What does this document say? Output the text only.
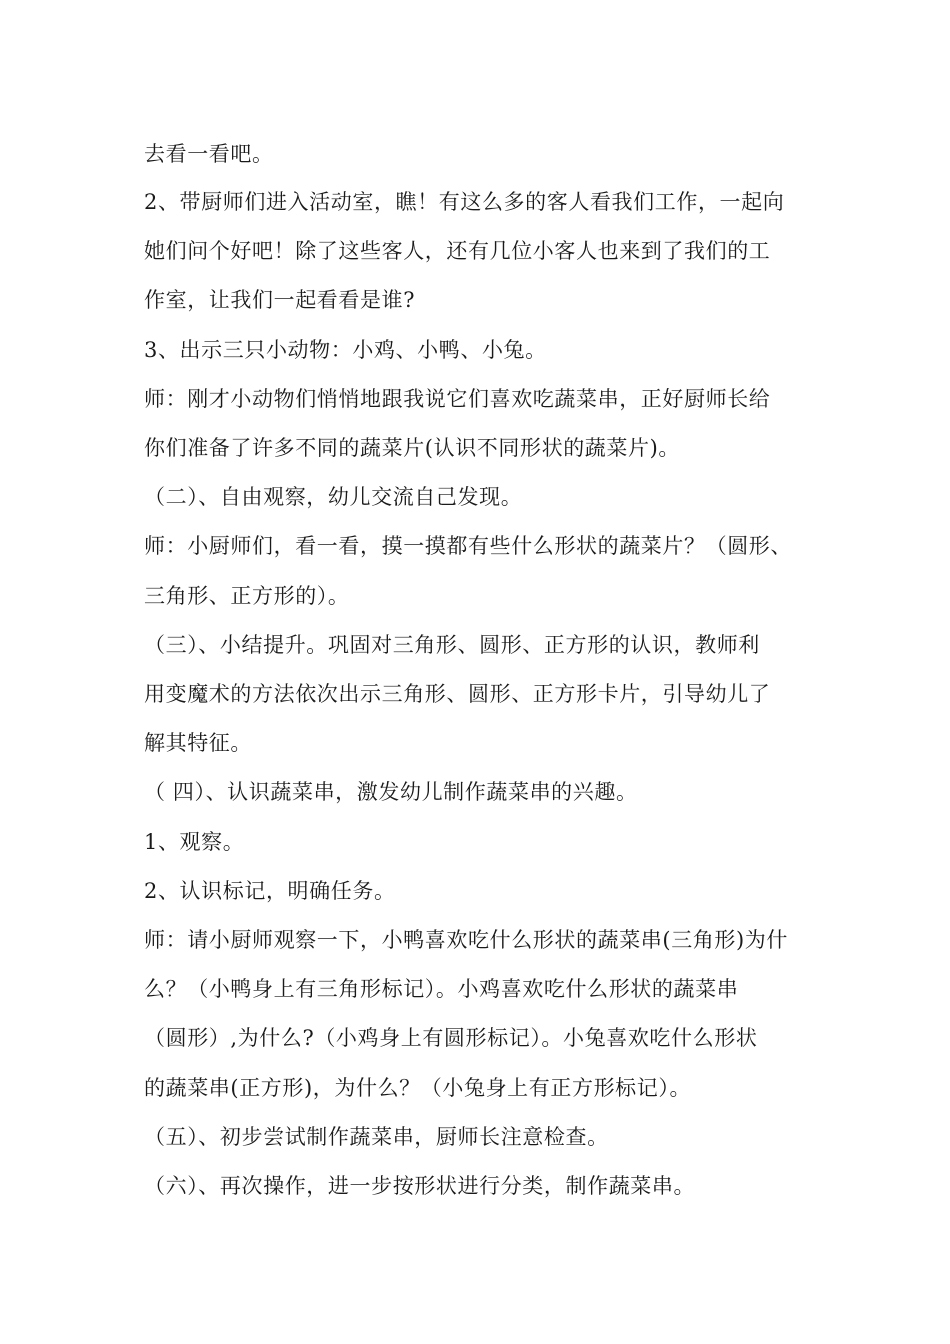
去看一看吧。
2、带厨师们进入活动室，瞧！有这么多的客人看我们工作，一起向
她们问个好吧！除了这些客人，还有几位小客人也来到了我们的工
作室，让我们一起看看是谁?
3、出示三只小动物：小鸡、小鸭、小兔。
师：刚才小动物们悄悄地跟我说它们喜欢吃蔬菜串，正好厨师长给
你们准备了许多不同的蔬菜片(认识不同形状的蔬菜片)。
（二）、自由观察，幼儿交流自己发现。
师：小厨师们，看一看，摸一摸都有些什么形状的蔬菜片？（圆形、
三角形、正方形的）。
（三）、小结提升。巩固对三角形、圆形、正方形的认识，教师利
用变魔术的方法依次出示三角形、圆形、正方形卡片，引导幼儿了
解其特征。
（ 四）、认识蔬菜串，激发幼儿制作蔬菜串的兴趣。
1、观察。
2、认识标记，明确任务。
师：请小厨师观察一下，小鸭喜欢吃什么形状的蔬菜串(三角形)为什
么？（小鸭身上有三角形标记）。小鸡喜欢吃什么形状的蔬菜串
（圆形）,为什么?（小鸡身上有圆形标记）。小兔喜欢吃什么形状
的蔬菜串(正方形)，为什么？（小兔身上有正方形标记）。
（五）、初步尝试制作蔬菜串，厨师长注意检查。
（六）、再次操作，进一步按形状进行分类，制作蔬菜串。
